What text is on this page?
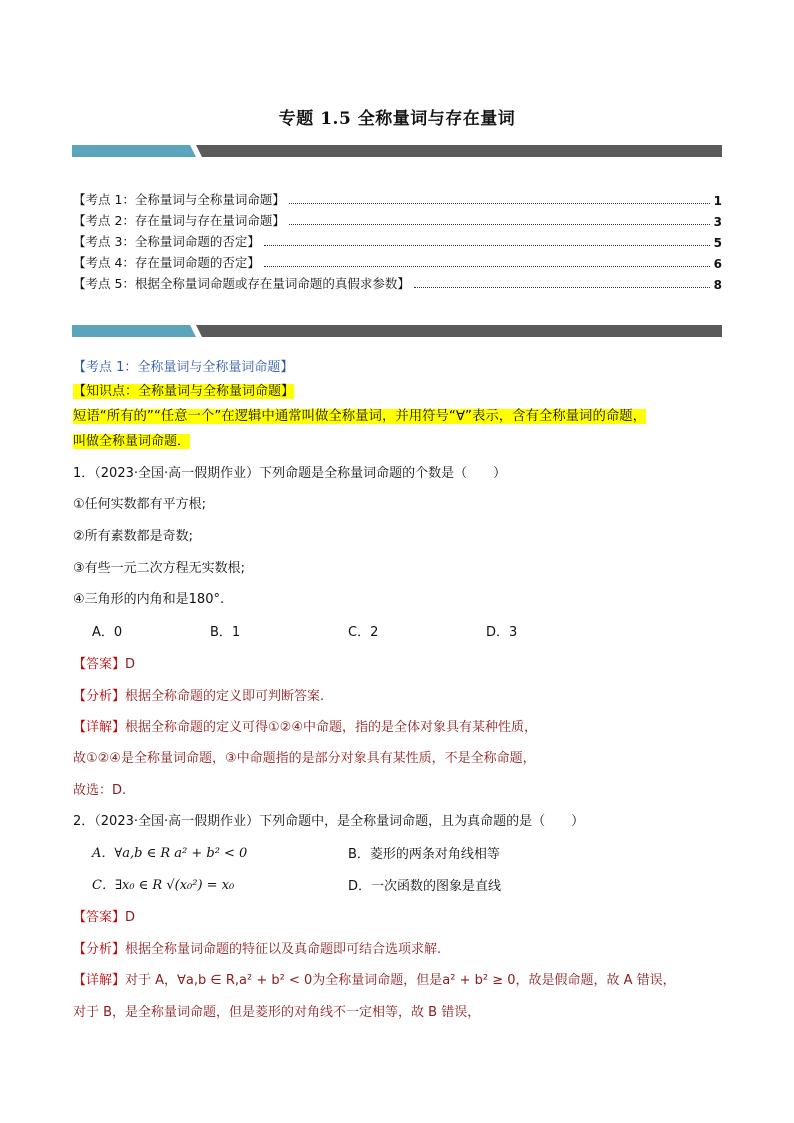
专题 1.5 全称量词与存在量词
【考点 1：全称量词与全称量词命题】	1
【考点 2：存在量词与存在量词命题】	3
【考点 3：全称量词命题的否定】	5
【考点 4：存在量词命题的否定】	6
【考点 5：根据全称量词命题或存在量词命题的真假求参数】	8
【考点 1：全称量词与全称量词命题】
【知识点：全称量词与全称量词命题】
短语“所有的”“任意一个”在逻辑中通常叫做全称量词，并用符号“∀”表示，含有全称量词的命题，
叫做全称量词命题．
1．（2023·全国·高一假期作业）下列命题是全称量词命题的个数是（　　）
①任何实数都有平方根;
②所有素数都是奇数;
③有些一元二次方程无实数根;
④三角形的内角和是180°.
A．0	B．1	C．2	D．3
【答案】D
【分析】根据全称命题的定义即可判断答案.
【详解】根据全称命题的定义可得①②④中命题，指的是全体对象具有某种性质，
故①②④是全称量词命题，③中命题指的是部分对象具有某性质，不是全称命题，
故选：D.
2．（2023·全国·高一假期作业）下列命题中，是全称量词命题，且为真命题的是（　　）
A．∀a,b ∈ R a² + b² < 0	B．菱形的两条对角线相等
C．∃x₀ ∈ R √(x₀²) = x₀	D．一次函数的图象是直线
【答案】D
【分析】根据全称量词命题的特征以及真命题即可结合选项求解.
【详解】对于 A，∀a,b ∈ R,a² + b² < 0为全称量词命题，但是a² + b² ≥ 0，故是假命题，故 A 错误，
对于 B，是全称量词命题，但是菱形的对角线不一定相等，故 B 错误，
